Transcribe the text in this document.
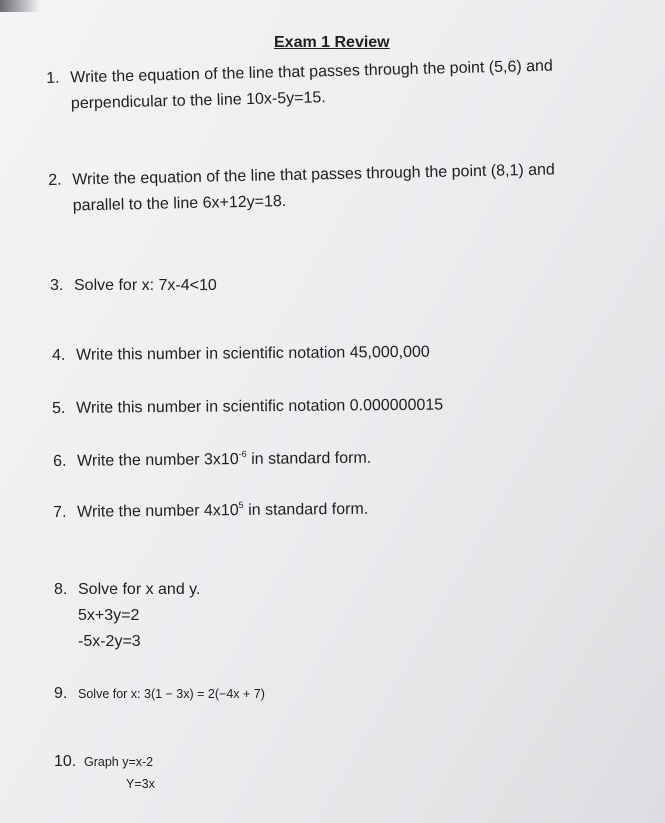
Exam 1 Review
1. Write the equation of the line that passes through the point (5,6) and
perpendicular to the line 10x-5y=15.
2. Write the equation of the line that passes through the point (8,1) and
parallel to the line 6x+12y=18.
3. Solve for x: 7x-4<10
4. Write this number in scientific notation 45,000,000
5. Write this number in scientific notation 0.000000015
6. Write the number $3x10^{-6}$ in standard form.
7. Write the number $4x10^5$ in standard form.
8. Solve for x and y.
5x+3y=2
-5x-2y=3
9. Solve for x: 3(1 − 3x) = 2(−4x + 7)
10. Graph y=x-2
Y=3x
